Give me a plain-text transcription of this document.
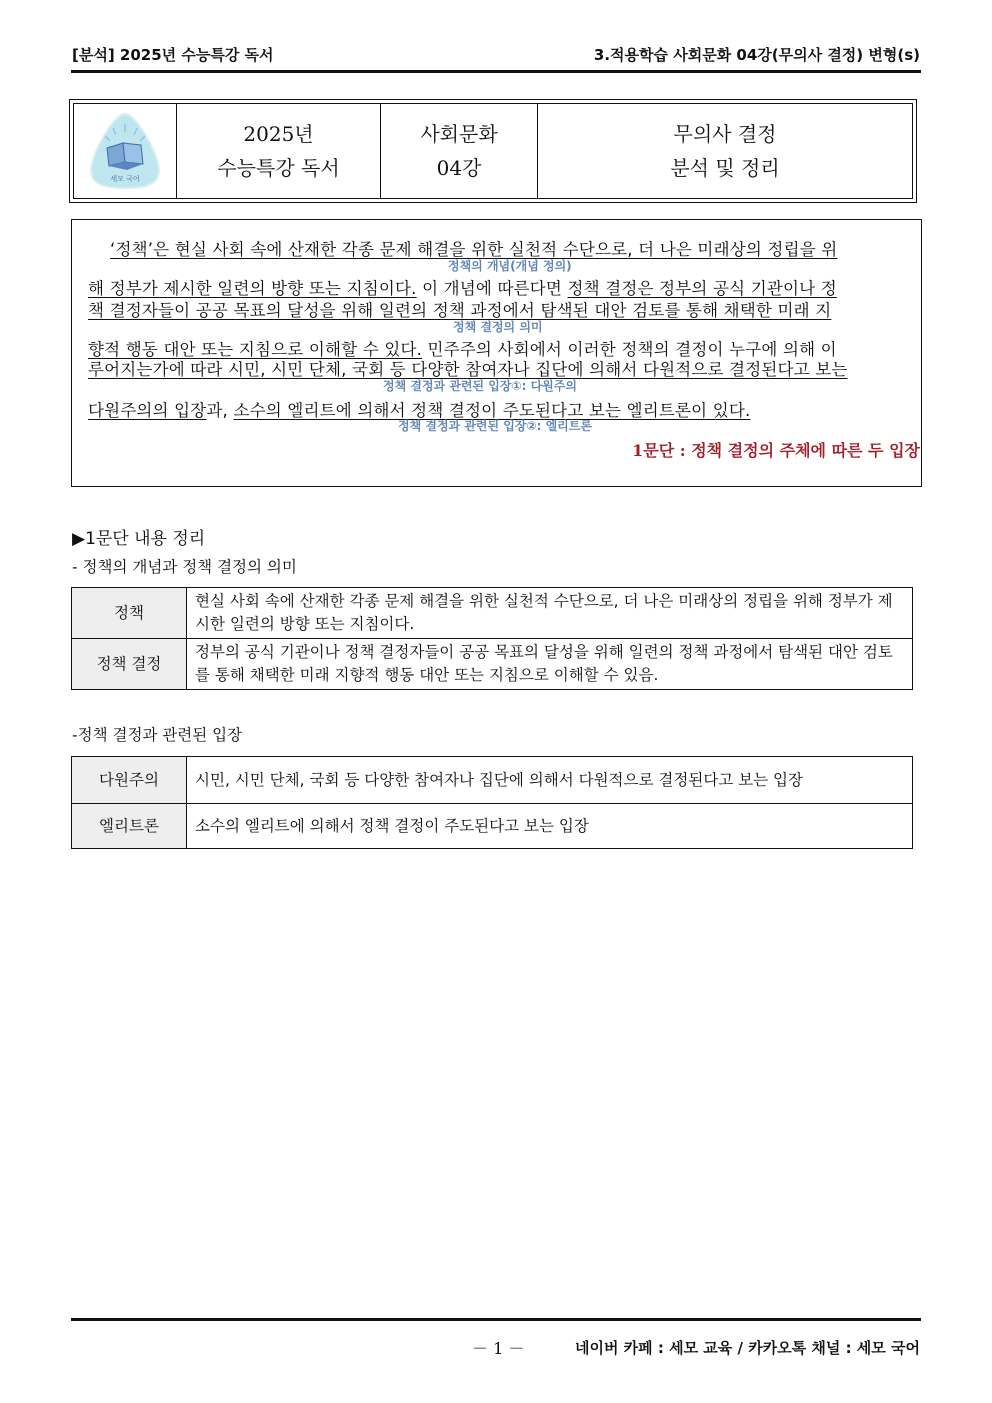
[분석] 2025년 수능특강 독서	3.적용학습 사회문화 04강(무의사 결정) 변형(s)
세모 국어
2025년
수능특강 독서
사회문화
04강
무의사 결정
분석 및 정리
‘정책’은 현실 사회 속에 산재한 각종 문제 해결을 위한 실천적 수단으로, 더 나은 미래상의 정립을 위
정책의 개념(개념 정의)
해 정부가 제시한 일련의 방향 또는 지침이다. 이 개념에 따른다면 정책 결정은 정부의 공식 기관이나 정
책 결정자들이 공공 목표의 달성을 위해 일련의 정책 과정에서 탐색된 대안 검토를 통해 채택한 미래 지
정책 결정의 의미
향적 행동 대안 또는 지침으로 이해할 수 있다. 민주주의 사회에서 이러한 정책의 결정이 누구에 의해 이
루어지는가에 따라 시민, 시민 단체, 국회 등 다양한 참여자나 집단에 의해서 다원적으로 결정된다고 보는
정책 결정과 관련된 입장①: 다원주의
다원주의의 입장과, 소수의 엘리트에 의해서 정책 결정이 주도된다고 보는 엘리트론이 있다.
정책 결정과 관련된 입장②: 엘리트론
1문단 : 정책 결정의 주체에 따른 두 입장
▶1문단 내용 정리
- 정책의 개념과 정책 결정의 의미
정책	현실 사회 속에 산재한 각종 문제 해결을 위한 실천적 수단으로, 더 나은 미래상의 정립을 위해 정부가 제시한 일련의 방향 또는 지침이다.
정책 결정	정부의 공식 기관이나 정책 결정자들이 공공 목표의 달성을 위해 일련의 정책 과정에서 탐색된 대안 검토를 통해 채택한 미래 지향적 행동 대안 또는 지침으로 이해할 수 있음.
-정책 결정과 관련된 입장
다원주의	시민, 시민 단체, 국회 등 다양한 참여자나 집단에 의해서 다원적으로 결정된다고 보는 입장
엘리트론	소수의 엘리트에 의해서 정책 결정이 주도된다고 보는 입장
－ 1 －	네이버 카페 : 세모 교육 / 카카오톡 채널 : 세모 국어
